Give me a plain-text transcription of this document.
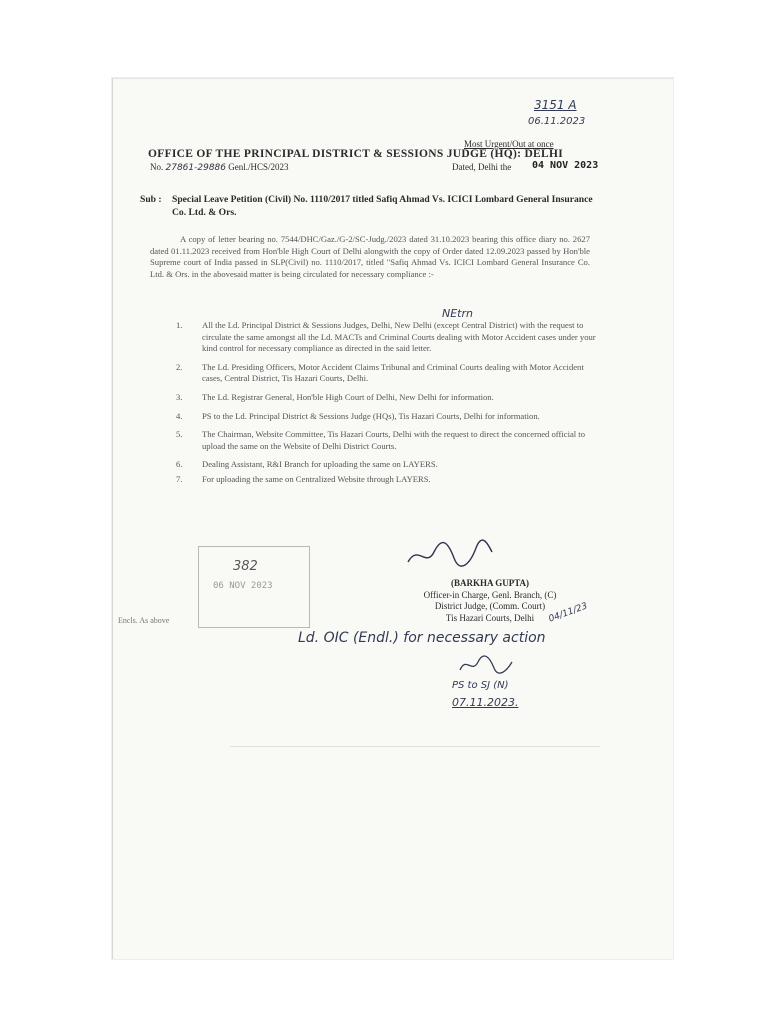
3151 A
06.11.2023
Most Urgent/Out at once
OFFICE OF THE PRINCIPAL DISTRICT & SESSIONS JUDGE (HQ): DELHI
No. 27861-29886 Genl./HCS/2023	Dated, Delhi the 04 NOV 2023
Sub : Special Leave Petition (Civil) No. 1110/2017 titled Safiq Ahmad Vs. ICICI Lombard General Insurance Co. Ltd. & Ors.
A copy of letter bearing no. 7544/DHC/Gaz./G-2/SC-Judg./2023 dated 31.10.2023 bearing this office diary no. 2627 dated 01.11.2023 received from Hon'ble High Court of Delhi alongwith the copy of Order dated 12.09.2023 passed by Hon'ble Supreme court of India passed in SLP(Civil) no. 1110/2017, titled "Safiq Ahmad Vs. ICICI Lombard General Insurance Co. Ltd. & Ors. in the abovesaid matter is being circulated for necessary compliance :-
NEtrn
1. All the Ld. Principal District & Sessions Judges, Delhi, New Delhi (except Central District) with the request to circulate the same amongst all the Ld. MACTs and Criminal Courts dealing with Motor Accident cases under your kind control for necessary compliance as directed in the said letter.
2. The Ld. Presiding Officers, Motor Accident Claims Tribunal and Criminal Courts dealing with Motor Accident cases, Central District, Tis Hazari Courts, Delhi.
3. The Ld. Registrar General, Hon'ble High Court of Delhi, New Delhi for information.
4. PS to the Ld. Principal District & Sessions Judge (HQs), Tis Hazari Courts, Delhi for information.
5. The Chairman, Website Committee, Tis Hazari Courts, Delhi with the request to direct the concerned official to upload the same on the Website of Delhi District Courts.
6. Dealing Assistant, R&I Branch for uploading the same on LAYERS.
7. For uploading the same on Centralized Website through LAYERS.
382
06 NOV 2023	(BARKHA GUPTA)
Officer-in Charge, Genl. Branch, (C)
District Judge, (Comm. Court)
Tis Hazari Courts, Delhi	04/11/23
Encls. As above
Ld. OIC (Endl.) for necessary action
PS to SJ (N)
07.11.2023.
